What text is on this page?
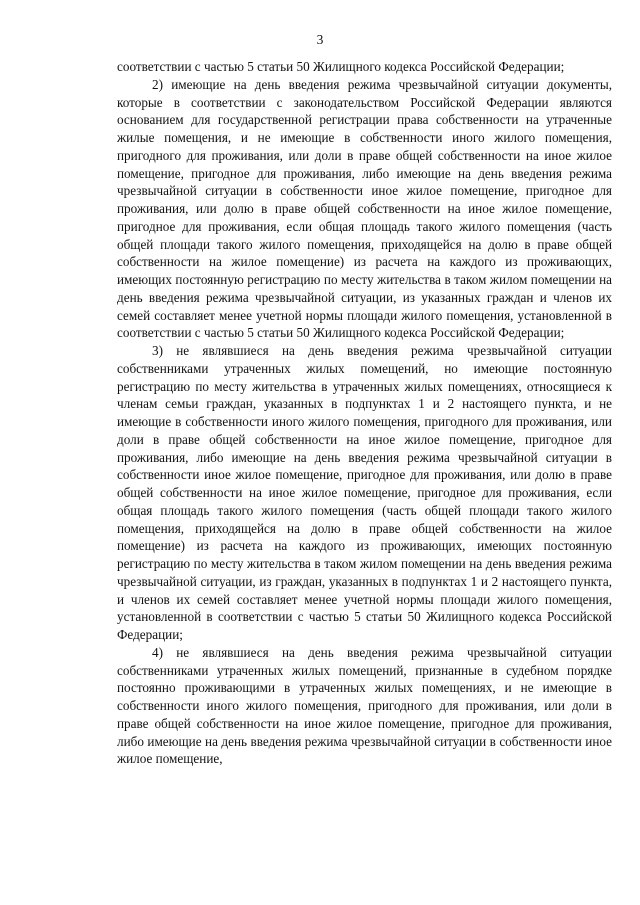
3

соответствии с частью 5 статьи 50 Жилищного кодекса Российской Федерации;

2) имеющие на день введения режима чрезвычайной ситуации документы, которые в соответствии с законодательством Российской Федерации являются основанием для государственной регистрации права собственности на утраченные жилые помещения, и не имеющие в собственности иного жилого помещения, пригодного для проживания, или доли в праве общей собственности на иное жилое помещение, пригодное для проживания, либо имеющие на день введения режима чрезвычайной ситуации в собственности иное жилое помещение, пригодное для проживания, или долю в праве общей собственности на иное жилое помещение, пригодное для проживания, если общая площадь такого жилого помещения (часть общей площади такого жилого помещения, приходящейся на долю в праве общей собственности на жилое помещение) из расчета на каждого из проживающих, имеющих постоянную регистрацию по месту жительства в таком жилом помещении на день введения режима чрезвычайной ситуации, из указанных граждан и членов их семей составляет менее учетной нормы площади жилого помещения, установленной в соответствии с частью 5 статьи 50 Жилищного кодекса Российской Федерации;

3) не являвшиеся на день введения режима чрезвычайной ситуации собственниками утраченных жилых помещений, но имеющие постоянную регистрацию по месту жительства в утраченных жилых помещениях, относящиеся к членам семьи граждан, указанных в подпунктах 1 и 2 настоящего пункта, и не имеющие в собственности иного жилого помещения, пригодного для проживания, или доли в праве общей собственности на иное жилое помещение, пригодное для проживания, либо имеющие на день введения режима чрезвычайной ситуации в собственности иное жилое помещение, пригодное для проживания, или долю в праве общей собственности на иное жилое помещение, пригодное для проживания, если общая площадь такого жилого помещения (часть общей площади такого жилого помещения, приходящейся на долю в праве общей собственности на жилое помещение) из расчета на каждого из проживающих, имеющих постоянную регистрацию по месту жительства в таком жилом помещении на день введения режима чрезвычайной ситуации, из граждан, указанных в подпунктах 1 и 2 настоящего пункта, и членов их семей составляет менее учетной нормы площади жилого помещения, установленной в соответствии с частью 5 статьи 50 Жилищного кодекса Российской Федерации;

4) не являвшиеся на день введения режима чрезвычайной ситуации собственниками утраченных жилых помещений, признанные в судебном порядке постоянно проживающими в утраченных жилых помещениях, и не имеющие в собственности иного жилого помещения, пригодного для проживания, или доли в праве общей собственности на иное жилое помещение, пригодное для проживания, либо имеющие на день введения режима чрезвычайной ситуации в собственности иное жилое помещение,
